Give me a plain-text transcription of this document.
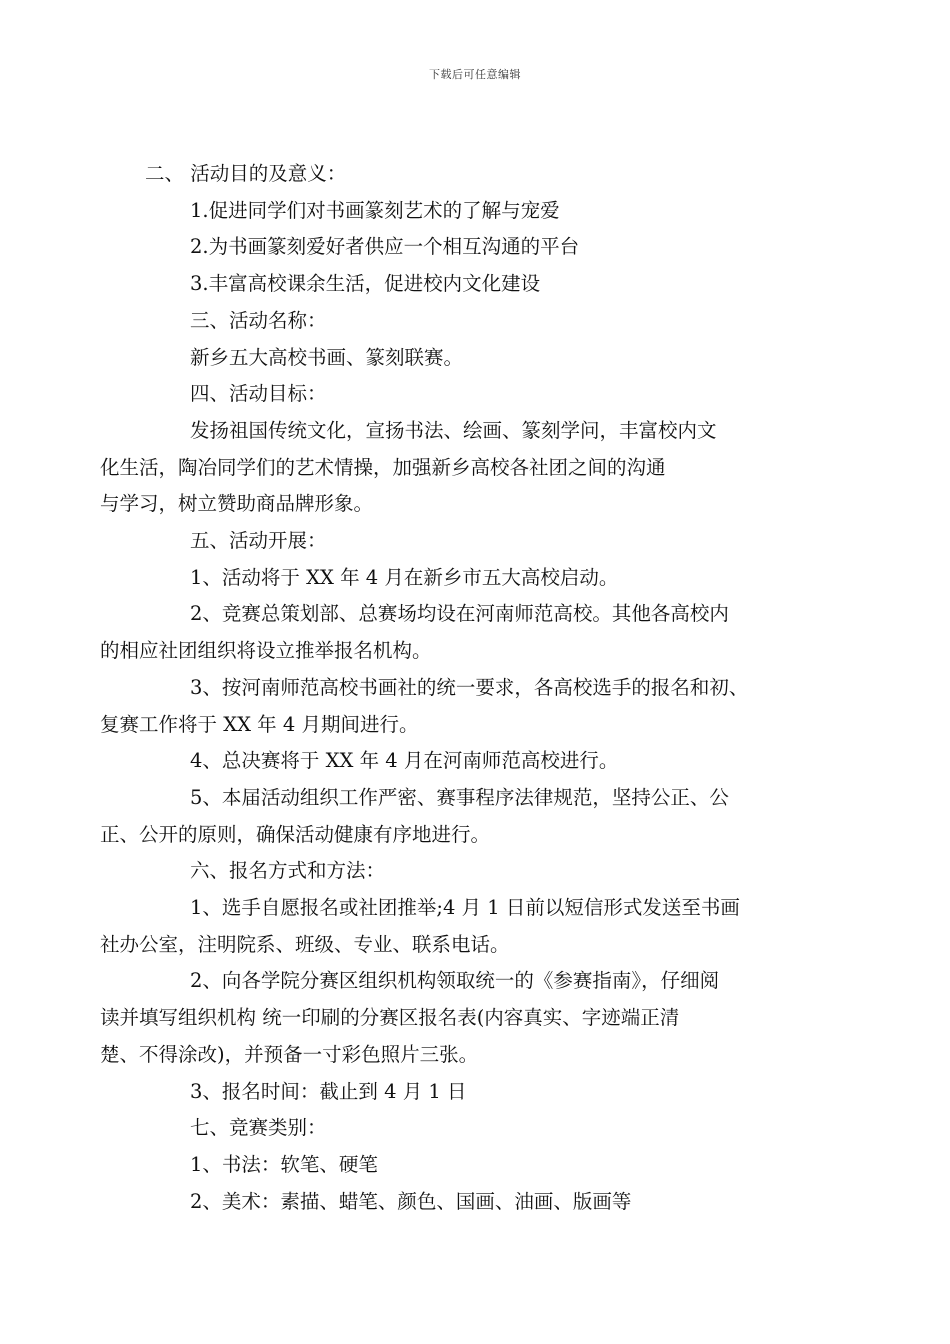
下载后可任意编辑

二、 活动目的及意义：

1.促进同学们对书画篆刻艺术的了解与宠爱

2.为书画篆刻爱好者供应一个相互沟通的平台

3.丰富高校课余生活，促进校内文化建设

三、活动名称：

新乡五大高校书画、篆刻联赛。

四、活动目标：

发扬祖国传统文化，宣扬书法、绘画、篆刻学问，丰富校内文
化生活，陶冶同学们的艺术情操，加强新乡高校各社团之间的沟通
与学习，树立赞助商品牌形象。

五、活动开展：

1、活动将于 XX 年 4 月在新乡市五大高校启动。

2、竞赛总策划部、总赛场均设在河南师范高校。其他各高校内
的相应社团组织将设立推举报名机构。

3、按河南师范高校书画社的统一要求，各高校选手的报名和初、
复赛工作将于 XX 年 4 月期间进行。

4、总决赛将于 XX 年 4 月在河南师范高校进行。

5、本届活动组织工作严密、赛事程序法律规范，坚持公正、公
正、公开的原则，确保活动健康有序地进行。

六、报名方式和方法：

1、选手自愿报名或社团推举;4 月 1 日前以短信形式发送至书画
社办公室，注明院系、班级、专业、联系电话。

2、向各学院分赛区组织机构领取统一的《参赛指南》，仔细阅
读并填写组织机构 统一印刷的分赛区报名表(内容真实、字迹端正清
楚、不得涂改)，并预备一寸彩色照片三张。

3、报名时间：截止到 4 月 1 日

七、竞赛类别：

1、书法：软笔、硬笔

2、美术：素描、蜡笔、颜色、国画、油画、版画等
